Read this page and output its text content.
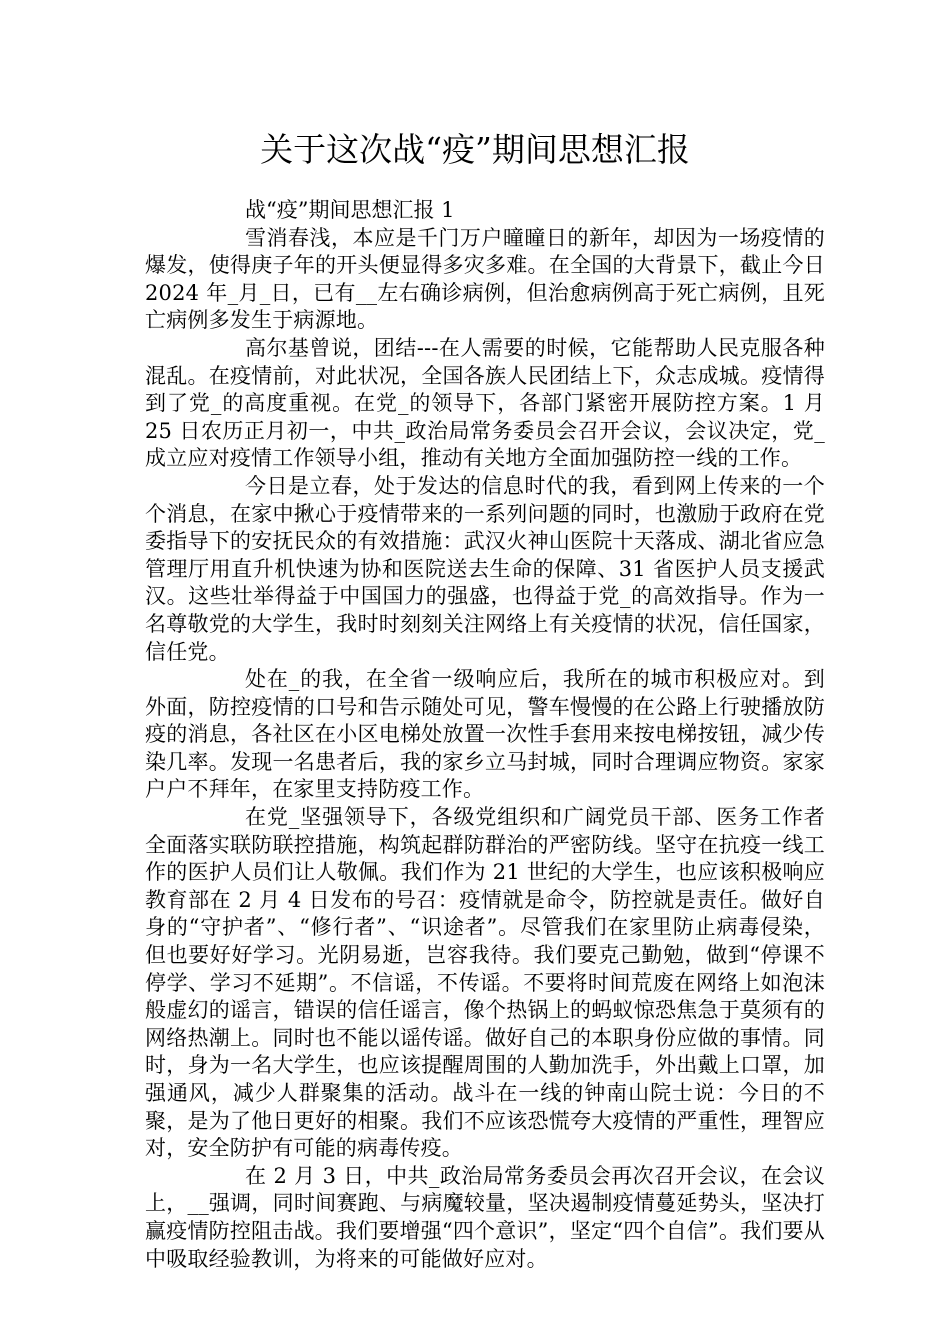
关于这次战“疫”期间思想汇报

战“疫”期间思想汇报 1

雪消春浅，本应是千门万户曈曈日的新年，却因为一场疫情的爆发，使得庚子年的开头便显得多灾多难。在全国的大背景下，截止今日 2024 年_月_日，已有__左右确诊病例，但治愈病例高于死亡病例，且死亡病例多发生于病源地。

高尔基曾说，团结---在人需要的时候，它能帮助人民克服各种混乱。在疫情前，对此状况，全国各族人民团结上下，众志成城。疫情得到了党_的高度重视。在党_的领导下，各部门紧密开展防控方案。1 月 25 日农历正月初一，中共_政治局常务委员会召开会议，会议决定，党_成立应对疫情工作领导小组，推动有关地方全面加强防控一线的工作。

今日是立春，处于发达的信息时代的我，看到网上传来的一个个消息，在家中揪心于疫情带来的一系列问题的同时，也激励于政府在党委指导下的安抚民众的有效措施：武汉火神山医院十天落成、湖北省应急管理厅用直升机快速为协和医院送去生命的保障、31 省医护人员支援武汉。这些壮举得益于中国国力的强盛，也得益于党_的高效指导。作为一名尊敬党的大学生，我时时刻刻关注网络上有关疫情的状况，信任国家，信任党。

处在_的我，在全省一级响应后，我所在的城市积极应对。到外面，防控疫情的口号和告示随处可见，警车慢慢的在公路上行驶播放防疫的消息，各社区在小区电梯处放置一次性手套用来按电梯按钮，减少传染几率。发现一名患者后，我的家乡立马封城，同时合理调应物资。家家户户不拜年，在家里支持防疫工作。

在党_坚强领导下，各级党组织和广阔党员干部、医务工作者全面落实联防联控措施，构筑起群防群治的严密防线。坚守在抗疫一线工作的医护人员们让人敬佩。我们作为 21 世纪的大学生，也应该积极响应教育部在 2 月 4 日发布的号召：疫情就是命令，防控就是责任。做好自身的“守护者”、“修行者”、“识途者”。尽管我们在家里防止病毒侵染，但也要好好学习。光阴易逝，岂容我待。我们要克己勤勉，做到“停课不停学、学习不延期”。不信谣，不传谣。不要将时间荒废在网络上如泡沫般虚幻的谣言，错误的信任谣言，像个热锅上的蚂蚁惊恐焦急于莫须有的网络热潮上。同时也不能以谣传谣。做好自己的本职身份应做的事情。同时，身为一名大学生，也应该提醒周围的人勤加洗手，外出戴上口罩，加强通风，减少人群聚集的活动。战斗在一线的钟南山院士说：今日的不聚，是为了他日更好的相聚。我们不应该恐慌夸大疫情的严重性，理智应对，安全防护有可能的病毒传疫。

在 2 月 3 日，中共_政治局常务委员会再次召开会议，在会议上，__强调，同时间赛跑、与病魔较量，坚决遏制疫情蔓延势头，坚决打赢疫情防控阻击战。我们要增强“四个意识”，坚定“四个自信”。我们要从中吸取经验教训，为将来的可能做好应对。
